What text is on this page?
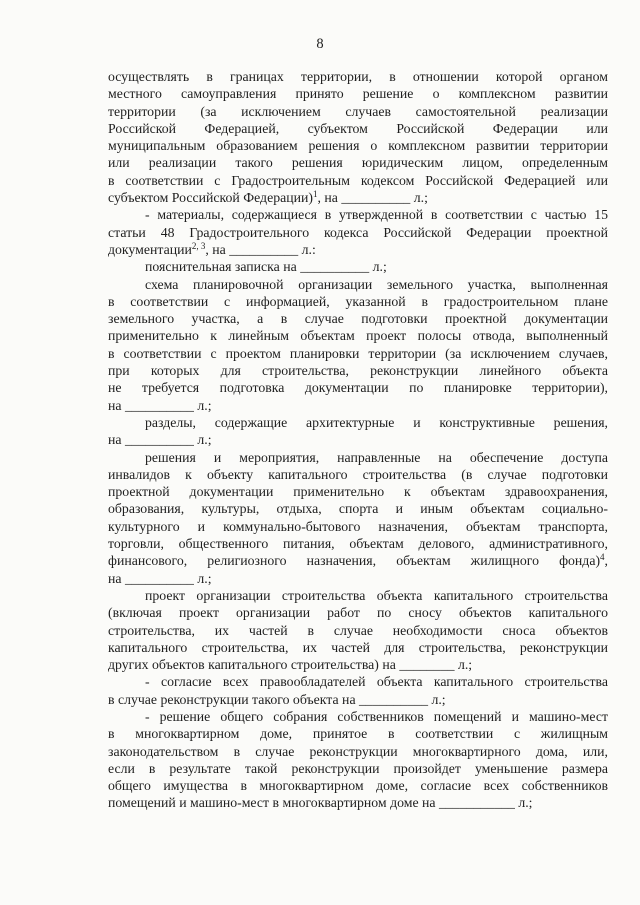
8
осуществлять в границах территории, в отношении которой органом
местного самоуправления принято решение о комплексном развитии
территории (за исключением случаев самостоятельной реализации
Российской Федерацией, субъектом Российской Федерации или
муниципальным образованием решения о комплексном развитии территории
или реализации такого решения юридическим лицом, определенным
в соответствии с Градостроительным кодексом Российской Федерацией или
субъектом Российской Федерации)$^1$, на _____	л.;
- материалы, содержащиеся в утвержденной в соответствии с частью 15
статьи 48 Градостроительного кодекса Российской Федерации проектной
документации$^{2, 3}$, на _____	л.:
пояснительная записка на _____	л.;
схема планировочной организации земельного участка, выполненная
в соответствии с информацией, указанной в градостроительном плане
земельного участка, а в случае подготовки проектной документации
применительно к линейным объектам проект полосы отвода, выполненный
в соответствии с проектом планировки территории (за исключением случаев,
при которых для строительства, реконструкции линейного объекта
не требуется подготовка документации по планировке территории),
на _____	л.;
разделы, содержащие архитектурные и конструктивные решения,
на _____	л.;
решения и мероприятия, направленные на обеспечение доступа
инвалидов к объекту капитального строительства (в случае подготовки
проектной документации применительно к объектам здравоохранения,
образования, культуры, отдыха, спорта и иным объектам социально-
культурного и коммунально-бытового назначения, объектам транспорта,
торговли, общественного питания, объектам делового, административного,
финансового, религиозного назначения, объектам жилищного фонда)$^4$,
на _____	л.;
проект организации строительства объекта капитального строительства
(включая проект организации работ по сносу объектов капитального
строительства, их частей в случае необходимости сноса объектов
капитального строительства, их частей для строительства, реконструкции
других объектов капитального строительства) на ________	л.;
- согласие всех правообладателей объекта капитального строительства
в случае реконструкции такого объекта на _____	л.;
- решение общего собрания собственников помещений и машино-мест
в многоквартирном доме, принятое в соответствии с жилищным
законодательством в случае реконструкции многоквартирного дома, или,
если в результате такой реконструкции произойдет уменьшение размера
общего имущества в многоквартирном доме, согласие всех собственников
помещений и машино-мест в многоквартирном доме на _____	л.;
